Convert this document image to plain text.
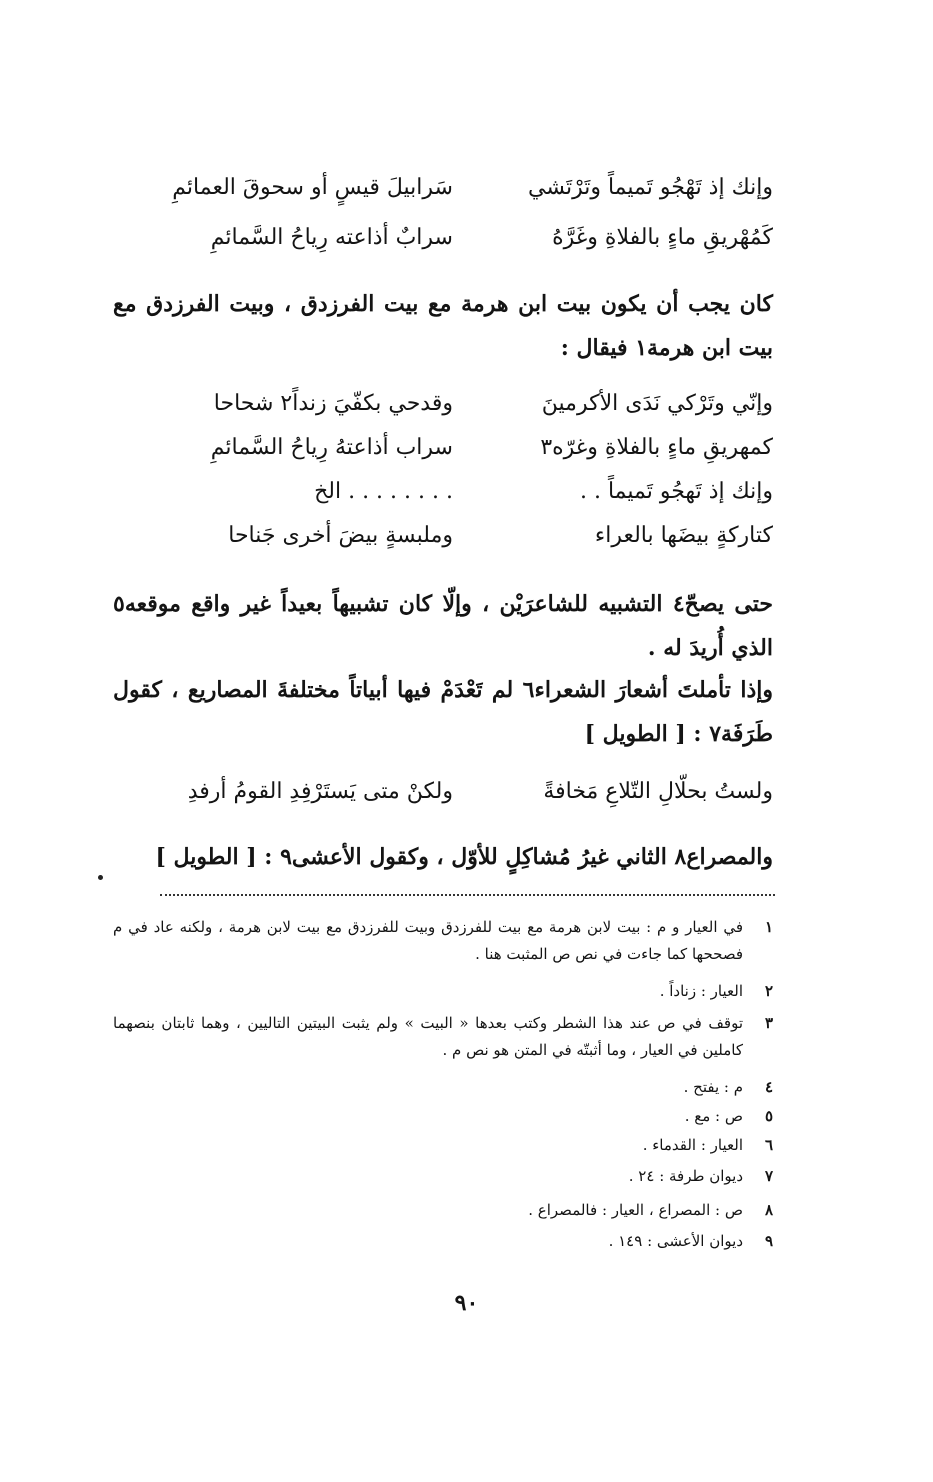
وإنك إذ تَهْجُو تَميماً وتَرْتَشي
سَرابيلَ قيسٍ أو سحوقَ العمائمِ
كَمُهْريقِ ماءٍ بالفلاةِ وغَرَّهُ
سرابٌ أذاعته رِياحُ السَّمائمِ
كان يجب أن يكون بيت ابن هرمة مع بيت الفرزدق ، وبيت الفرزدق مع بيت ابن هرمة١ فيقال :
وإنّي وتَرْكي نَدَى الأكرمينَ
وقدحي بكفّيَ زنداً٢ شحاحا
كمهريقِ ماءٍ بالفلاةِ وغرّه٣
سراب أذاعتهُ رِياحُ السَّمائمِ
وإنك إذ تَهجُو تَميماً . .
. . . . . . . . الخ
كتاركةٍ بيضَها بالعراء
وملبسةٍ بيضَ أخرى جَناحا
حتى يصحّ٤ التشبيه للشاعرَيْن ، وإلّا كان تشبيهاً بعيداً غير واقع موقعه٥ الذي أُريدَ له .
وإذا تأملتَ أشعارَ الشعراء٦ لم تَعْدَمْ فيها أبياتاً مختلفةَ المصاريع ، كقول طَرَفَة٧ : [ الطويل ]
ولستُ بحلّالِ التّلاعِ مَخافةً
ولكنْ متى يَستَرْفِدِ القومُ أرفدِ
والمصراع٨ الثاني غيرُ مُشاكِلٍ للأوّل ، وكقول الأعشى٩ : [ الطويل ]
١
في العيار و م : بيت لابن هرمة مع بيت للفرزدق وبيت للفرزدق مع بيت لابن هرمة ، ولكنه عاد في م فصححها كما جاءت في نص ص المثبت هنا .
٢
العيار : زناداً .
٣
توقف في ص عند هذا الشطر وكتب بعدها « البيت » ولم يثبت البيتين التاليين ، وهما ثابتان بنصهما كاملين في العيار ، وما أثبتّه في المتن هو نص م .
٤
م : يفتح .
٥
ص : مع .
٦
العيار : القدماء .
٧
ديوان طرفة : ٢٤ .
٨
ص : المصراع ، العيار : فالمصراع .
٩
ديوان الأعشى : ١٤٩ .
٩٠
